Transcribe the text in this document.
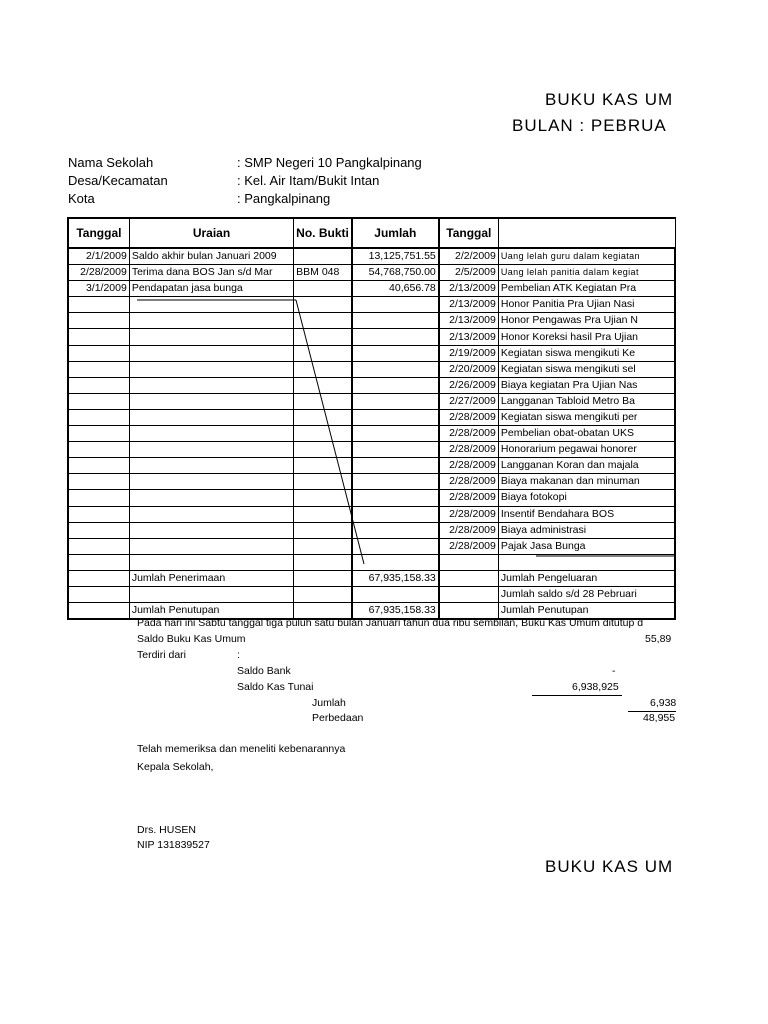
BUKU KAS UM
BULAN : PEBRUA
Nama Sekolah	: SMP Negeri 10 Pangkalpinang
Desa/Kecamatan	: Kel. Air Itam/Bukit Intan
Kota	: Pangkalpinang
Tanggal	Uraian	No. Bukti	Jumlah	Tanggal	
2/1/2009	Saldo akhir bulan Januari 2009		13,125,751.55	2/2/2009	Uang lelah guru dalam kegiatan
2/28/2009	Terima dana BOS Jan s/d Mar	BBM 048	54,768,750.00	2/5/2009	Uang lelah panitia dalam kegiat
3/1/2009	Pendapatan jasa bunga		40,656.78	2/13/2009	Pembelian ATK Kegiatan Pra
				2/13/2009	Honor Panitia Pra Ujian Nasi
				2/13/2009	Honor Pengawas Pra Ujian N
				2/13/2009	Honor Koreksi hasil Pra Ujian
				2/19/2009	Kegiatan siswa mengikuti Ke
				2/20/2009	Kegiatan siswa mengikuti sel
				2/26/2009	Biaya kegiatan Pra Ujian Nas
				2/27/2009	Langganan Tabloid Metro Ba
				2/28/2009	Kegiatan siswa mengikuti per
				2/28/2009	Pembelian obat-obatan UKS
				2/28/2009	Honorarium pegawai honorer
				2/28/2009	Langganan Koran dan majala
				2/28/2009	Biaya makanan dan minuman
				2/28/2009	Biaya fotokopi
				2/28/2009	Insentif Bendahara BOS
				2/28/2009	Biaya administrasi
				2/28/2009	Pajak Jasa Bunga

	Jumlah Penerimaan		67,935,158.33		Jumlah Pengeluaran
					Jumlah saldo s/d 28 Pebruari
	Jumlah Penutupan		67,935,158.33		Jumlah Penutupan
Pada hari ini Sabtu tanggal tiga puluh satu bulan Januari tahun dua ribu sembilan, Buku Kas Umum ditutup d
Saldo Buku Kas Umum	55,89
Terdiri dari	:
Saldo Bank	-
Saldo Kas Tunai	6,938,925
Jumlah	6,938
Perbedaan	48,955
Telah memeriksa dan meneliti kebenarannya
Kepala Sekolah,
Drs. HUSEN
NIP 131839527
BUKU KAS UM
